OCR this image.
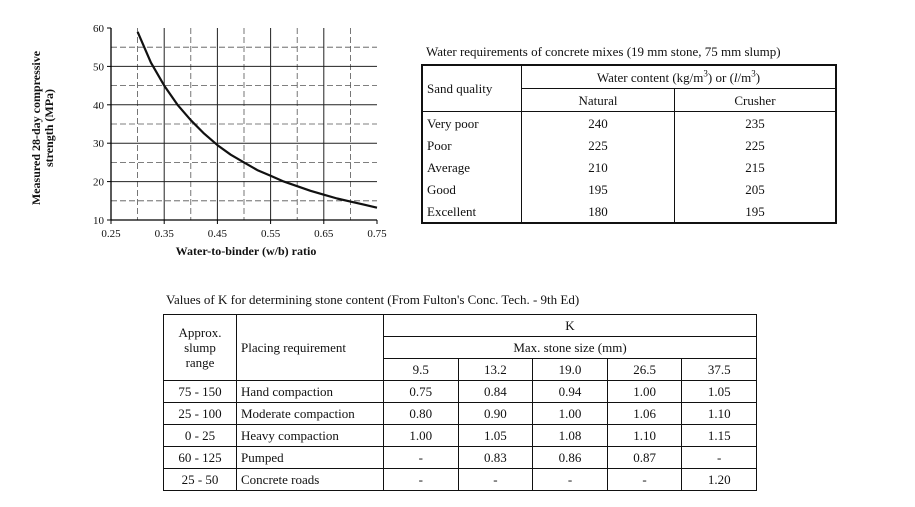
0.25	0.35	0.45	0.55	0.65	0.75
10
20
30
40
50
60
Water-to-binder (w/b) ratio
Measured 28-day compressive strength (MPa)
Water requirements of concrete mixes (19 mm stone, 75 mm slump)
Sand quality	Water content $(kg/m^3)$ or $(l/m^3)$	
	Natural	Crusher
Very poor	240	235
Poor	225	225
Average	210	215
Good	195	205
Excellent	180	195
Values of K for determining stone content (From Fulton's Conc. Tech. - 9th Ed)
Approx.
slump
range	Placing requirement	K				
		Max. stone size (mm)				
		9.5	13.2	19.0	26.5	37.5
75 - 150	Hand compaction	0.75	0.84	0.94	1.00	1.05
25 - 100	Moderate compaction	0.80	0.90	1.00	1.06	1.10
0 - 25	Heavy compaction	1.00	1.05	1.08	1.10	1.15
60 - 125	Pumped	-	0.83	0.86	0.87	-
25 - 50	Concrete roads	-	-	-	-	1.20
